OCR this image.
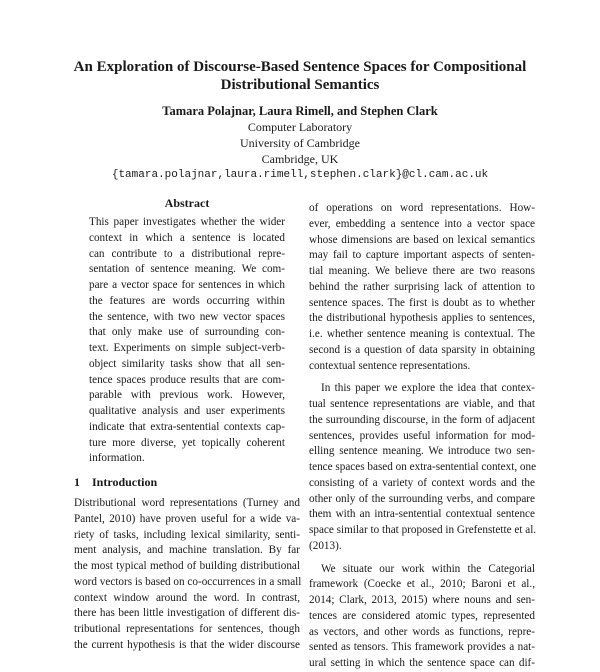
An Exploration of Discourse-Based Sentence Spaces for Compositional
Distributional Semantics
Tamara Polajnar, Laura Rimell, and Stephen Clark
Computer Laboratory
University of Cambridge
Cambridge, UK
{tamara.polajnar,laura.rimell,stephen.clark}@cl.cam.ac.uk
Abstract
This paper investigates whether the wider
context in which a sentence is located
can contribute to a distributional repre-
sentation of sentence meaning. We com-
pare a vector space for sentences in which
the features are words occurring within
the sentence, with two new vector spaces
that only make use of surrounding con-
text. Experiments on simple subject-verb-
object similarity tasks show that all sen-
tence spaces produce results that are com-
parable with previous work. However,
qualitative analysis and user experiments
indicate that extra-sentential contexts cap-
ture more diverse, yet topically coherent
information.
1 Introduction
Distributional word representations (Turney and
Pantel, 2010) have proven useful for a wide va-
riety of tasks, including lexical similarity, senti-
ment analysis, and machine translation. By far
the most typical method of building distributional
word vectors is based on co-occurrences in a small
context window around the word. In contrast,
there has been little investigation of different dis-
tributional representations for sentences, though
the current hypothesis is that the wider discourse
of operations on word representations. How-
ever, embedding a sentence into a vector space
whose dimensions are based on lexical semantics
may fail to capture important aspects of senten-
tial meaning. We believe there are two reasons
behind the rather surprising lack of attention to
sentence spaces. The first is doubt as to whether
the distributional hypothesis applies to sentences,
i.e. whether sentence meaning is contextual. The
second is a question of data sparsity in obtaining
contextual sentence representations.
In this paper we explore the idea that contex-
tual sentence representations are viable, and that
the surrounding discourse, in the form of adjacent
sentences, provides useful information for mod-
elling sentence meaning. We introduce two sen-
tence spaces based on extra-sentential context, one
consisting of a variety of context words and the
other only of the surrounding verbs, and compare
them with an intra-sentential contextual sentence
space similar to that proposed in Grefenstette et al.
(2013).
We situate our work within the Categorial
framework (Coecke et al., 2010; Baroni et al.,
2014; Clark, 2013, 2015) where nouns and sen-
tences are considered atomic types, represented
as vectors, and other words as functions, repre-
sented as tensors. This framework provides a nat-
ural setting in which the sentence space can dif-
